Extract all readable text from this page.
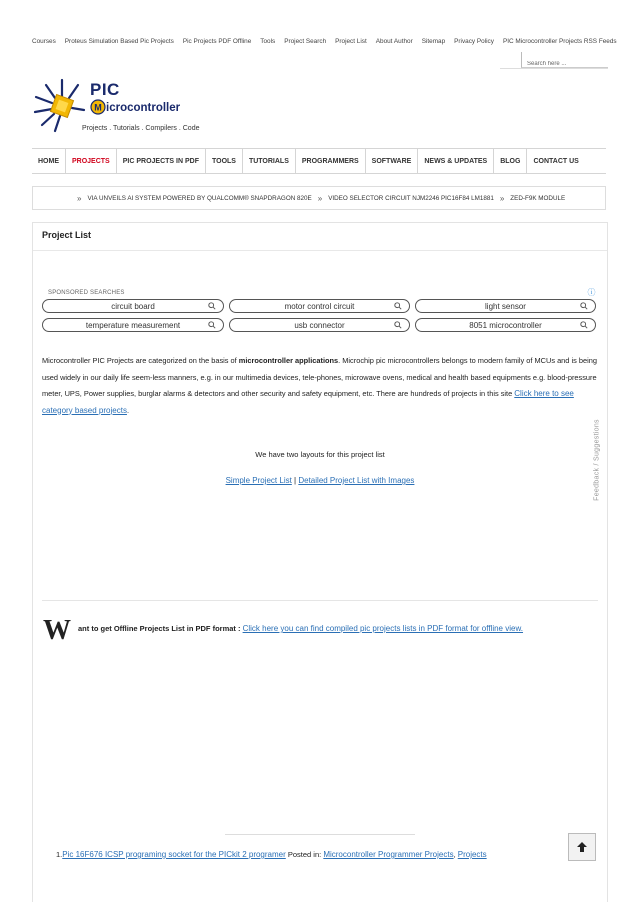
Courses Proteus Simulation Based Pic Projects Pic Projects PDF Offline Tools Project Search Project List About Author Sitemap Privacy Policy PIC Microcontroller Projects RSS Feeds
Search here ...
PIC
M icrocontroller
Projects . Tutorials . Compilers . Code
HOME	PROJECTS	PIC PROJECTS IN PDF	TOOLS	TUTORIALS	PROGRAMMERS	SOFTWARE	NEWS & UPDATES	BLOG	CONTACT US
» VIA UNVEILS AI SYSTEM POWERED BY QUALCOMM® SNAPDRAGON 820E » VIDEO SELECTOR CIRCUIT NJM2246 PIC16F84 LM1881 » ZED-F9K MODULE
Project List
SPONSORED SEARCHES	ⓘ
circuit board	motor control circuit	light sensor
temperature measurement	usb connector	8051 microcontroller
Microcontroller PIC Projects are categorized on the basis of microcontroller applications. Microchip pic microcontrollers belongs to modern family of MCUs and is being used widely in our daily life seem-less manners, e.g. in our multimedia devices, tele-phones, microwave ovens, medical and health based equipments e.g. blood-pressure meter, UPS, Power supplies, burglar alarms & detectors and other security and safety equipment, etc. There are hundreds of projects in this site Click here to see category based projects.
Feedback / Suggestions
We have two layouts for this project list
Simple Project List | Detailed Project List with Images
W ant to get Offline Projects List in PDF format : Click here you can find compiled pic projects lists in PDF format for offline view.
1.Pic 16F676 ICSP programing socket for the PICkit 2 programer Posted in: Microcontroller Programmer Projects, Projects
